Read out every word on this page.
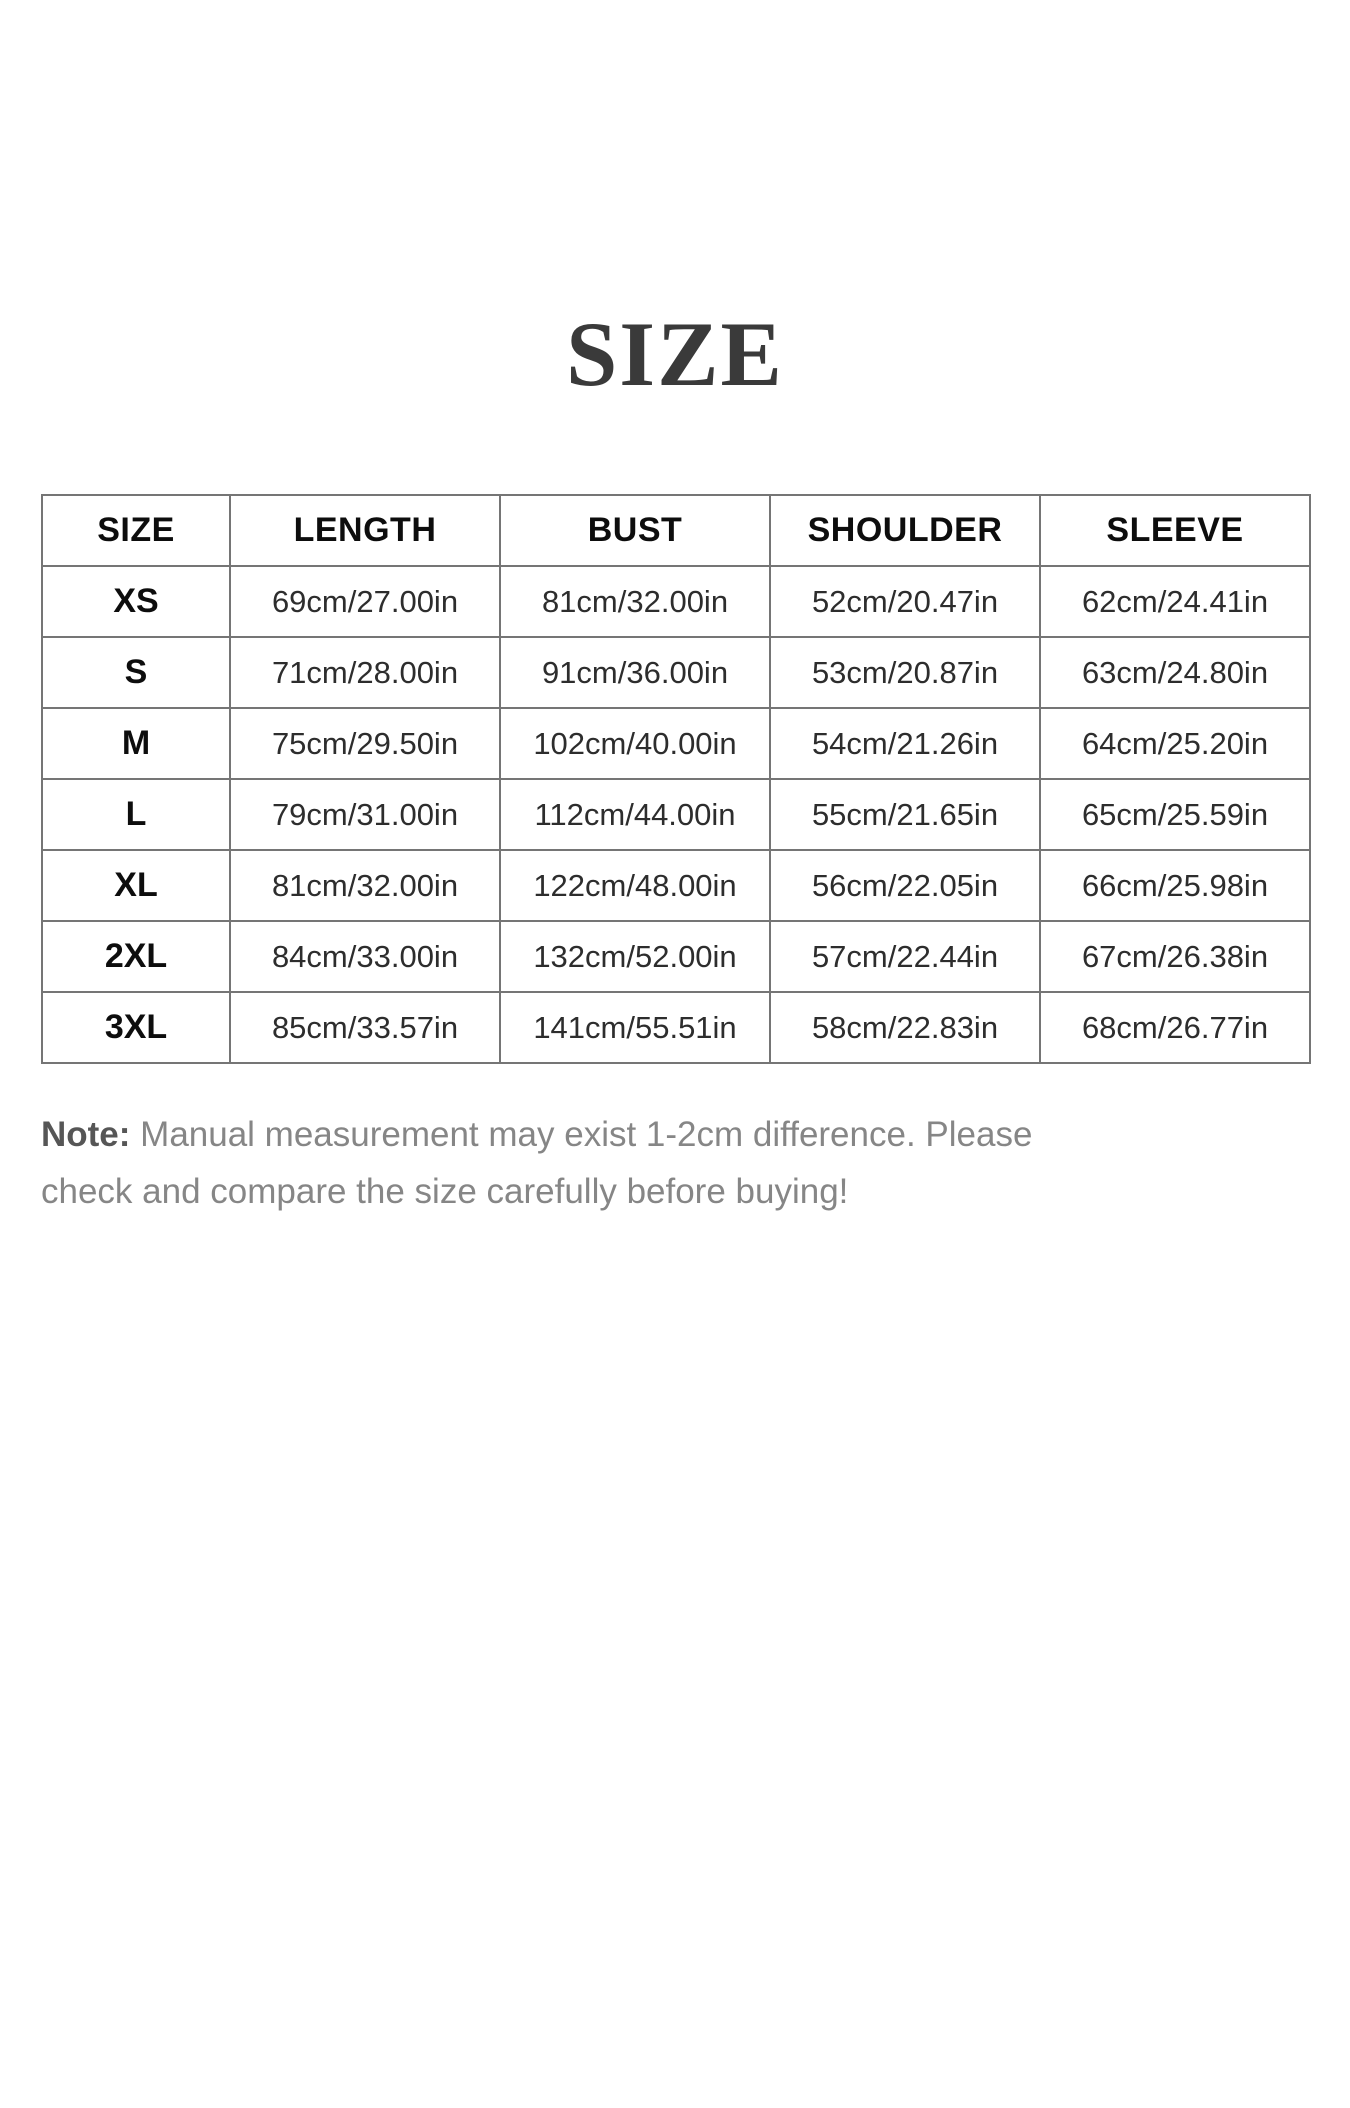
SIZE
SIZE	LENGTH	BUST	SHOULDER	SLEEVE
XS	69cm/27.00in	81cm/32.00in	52cm/20.47in	62cm/24.41in
S	71cm/28.00in	91cm/36.00in	53cm/20.87in	63cm/24.80in
M	75cm/29.50in	102cm/40.00in	54cm/21.26in	64cm/25.20in
L	79cm/31.00in	112cm/44.00in	55cm/21.65in	65cm/25.59in
XL	81cm/32.00in	122cm/48.00in	56cm/22.05in	66cm/25.98in
2XL	84cm/33.00in	132cm/52.00in	57cm/22.44in	67cm/26.38in
3XL	85cm/33.57in	141cm/55.51in	58cm/22.83in	68cm/26.77in

Note: Manual measurement may exist 1-2cm difference. Please
check and compare the size carefully before buying!
